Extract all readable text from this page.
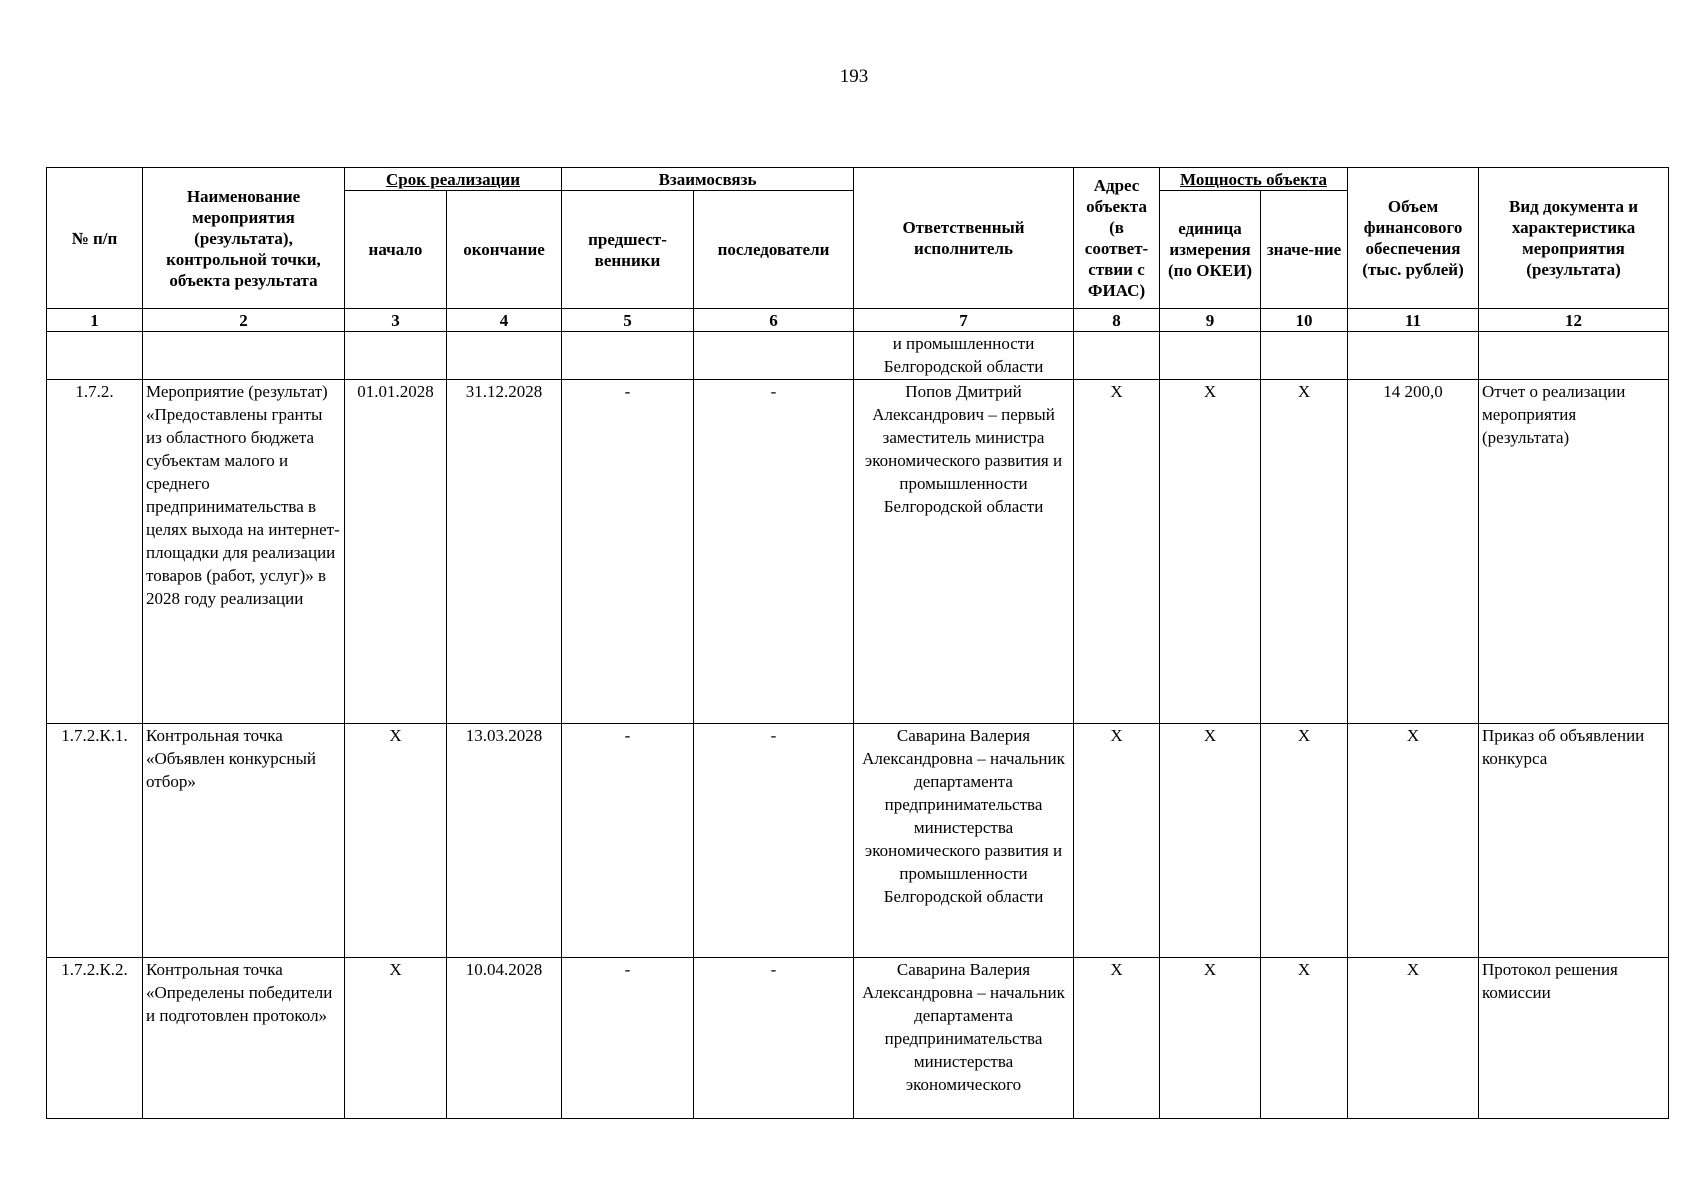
193
№ п/п	Наименование мероприятия (результата), контрольной точки, объекта результата	Срок реализации		Взаимосвязь		Ответственный исполнитель	Адрес объекта (в соответ-ствии с ФИАС)	Мощность объекта		Объем финансового обеспечения (тыс. рублей)	Вид документа и характеристика мероприятия (результата)
		начало	окончание	предшест-венники	последователи			единица измерения (по ОКЕИ)	значе-ние		
1	2	3	4	5	6	7	8	9	10	11	12
						и промышленности Белгородской области					
1.7.2.	Мероприятие (результат) «Предоставлены гранты из областного бюджета субъектам малого и среднего предпринимательства в целях выхода на интернет-площадки для реализации товаров (работ, услуг)» в 2028 году реализации	01.01.2028	31.12.2028	-	-	Попов Дмитрий Александрович – первый заместитель министра экономического развития и промышленности Белгородской области	Х	Х	Х	14 200,0	Отчет о реализации мероприятия (результата)
1.7.2.К.1.	Контрольная точка «Объявлен конкурсный отбор»	Х	13.03.2028	-	-	Саварина Валерия Александровна – начальник департамента предпринимательства министерства экономического развития и промышленности Белгородской области	Х	Х	Х	Х	Приказ об объявлении конкурса
1.7.2.К.2.	Контрольная точка «Определены победители и подготовлен протокол»	Х	10.04.2028	-	-	Саварина Валерия Александровна – начальник департамента предпринимательства министерства экономического	Х	Х	Х	Х	Протокол решения комиссии
